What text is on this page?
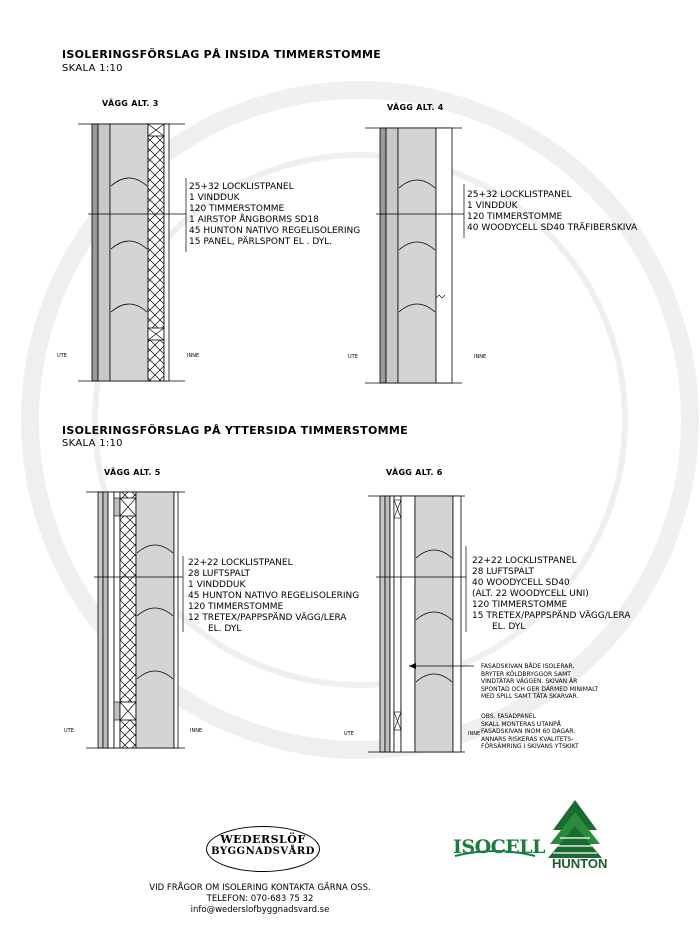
ISOLERINGSFÖRSLAG PÅ INSIDA TIMMERSTOMME
SKALA 1:10
VÄGG ALT. 3
25+32 LOCKLISTPANEL
1 VINDDUK
120 TIMMERSTOMME
1 AIRSTOP ÅNGBORMS SD18
45 HUNTON NATIVO REGELISOLERING
15 PANEL, PÄRLSPONT EL . DYL.
UTE	INNE
VÄGG ALT. 4
25+32 LOCKLISTPANEL
1 VINDDUK
120 TIMMERSTOMME
40 WOODYCELL SD40 TRÄFIBERSKIVA
UTE	INNE
ISOLERINGSFÖRSLAG PÅ YTTERSIDA TIMMERSTOMME
SKALA 1:10
VÄGG ALT. 5
22+22 LOCKLISTPANEL
28 LUFTSPALT
1 VINDDDUK
45 HUNTON NATIVO REGELISOLERING
120 TIMMERSTOMME
12 TRETEX/PAPPSPÄND VÄGG/LERA
EL. DYL
UTE	INNE
VÄGG ALT. 6
22+22 LOCKLISTPANEL
28 LUFTSPALT
40 WOODYCELL SD40
(ALT. 22 WOODYCELL UNI)
120 TIMMERSTOMME
15 TRETEX/PAPPSPÄND VÄGG/LERA
EL. DYL
FASADSKIVAN BÅDE ISOLERAR,
BRYTER KÖLDBRYGGOR SAMT
VINDTÄTAR VÄGGEN. SKIVAN ÄR
SPONTAD OCH GER DÄRMED MINIMALT
MED SPILL SAMT TÄTA SKARVAR.
OBS. FASADPANEL
SKALL MONTERAS UTANPÅ
FASADSKIVAN INOM 60 DAGAR.
ANNARS RISKERAS KVALITETS-
FÖRSÄMRING I SKIVANS YTSKIKT
UTE	INNE
WEDERSLÖF
BYGGNADSVÅRD
VID FRÅGOR OM ISOLERING KONTAKTA GÄRNA OSS.
TELEFON: 070-683 75 32
info@wederslofbyggnadsvard.se
ISOCELL
HUNTON
